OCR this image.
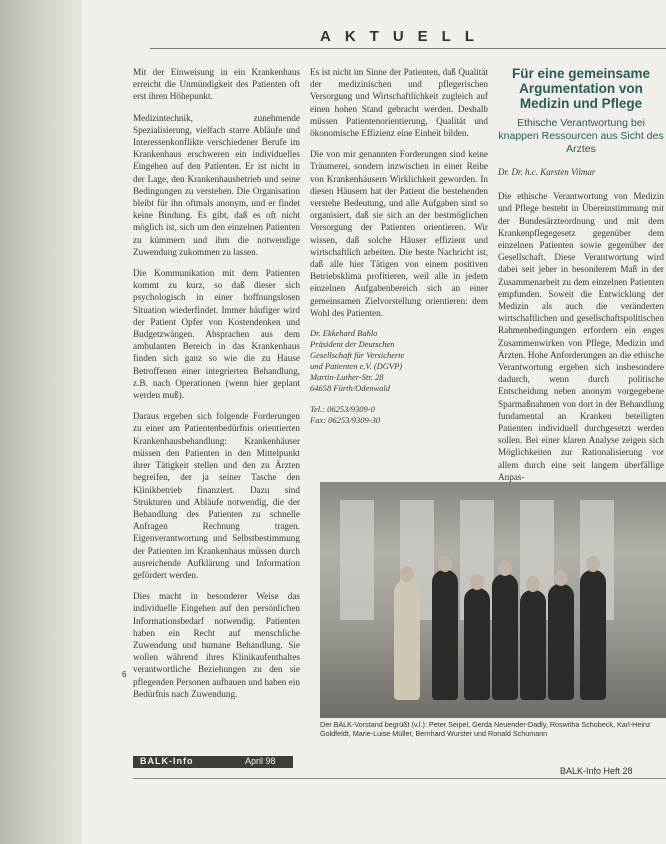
AKTUELL

Mit der Einweisung in ein Krankenhaus erreicht die Unmündigkeit des Patienten oft erst ihren Höhepunkt.

Medizintechnik, zunehmende Spezialisierung, vielfach starre Abläufe und Interessenkonflikte verschiedener Berufe im Krankenhaus erschweren ein individuelles Eingehen auf den Patienten. Er ist nicht in der Lage, den Krankenhausbetrieb und seine Bedingungen zu verstehen. Die Organisation bleibt für ihn oftmals anonym, und er findet keine Bindung. Es gibt, daß es oft nicht möglich ist, sich um den einzelnen Patienten zu kümmern und ihm die notwendige Zuwendung zukommen zu lassen.

Die Kommunikation mit dem Patienten kommt zu kurz, so daß dieser sich psychologisch in einer hoffnungslosen Situation wiederfindet. Immer häufiger wird der Patient Opfer von Kostendenken und Budgetzwängen. Absprachen aus dem ambulanten Bereich in das Krankenhaus finden sich ganz so wie die zu Hause Betroffenen einer integrierten Behandlung, z.B. nach Operationen (wenn hier geplant werden muß).

Daraus ergeben sich folgende Forderungen zu einer am Patientenbedürfnis orientierten Krankenhausbehandlung: Krankenhäuser müssen den Patienten in den Mittelpunkt ihrer Tätigkeit stellen und den zu Ärzten begreifen, der ja seiner Tasche den Klinikbetrieb finanziert. Dazu sind Strukturen und Abläufe notwendig, die der Behandlung des Patienten zu schnelle Anfragen Rechnung tragen. Eigenverantwortung und Selbstbestimmung der Patienten im Krankenhaus müssen durch ausreichende Aufklärung und Information gefördert werden.

Dies macht in besonderer Weise das individuelle Eingehen auf den persönlichen Informationsbedarf notwendig. Patienten haben ein Recht auf menschliche Zuwendung und humane Behandlung. Sie wollen während ihres Klinikaufenthaltes verantwortliche Beziehungen zu den sie pflegenden Personen aufbauen und haben ein Bedürfnis nach Zuwendung.

Es ist nicht im Sinne der Patienten, daß Qualität der medizinischen und pflegerischen Versorgung und Wirtschaftlichkeit zugleich auf einen hohen Stand gebracht werden. Deshalb müssen Patientenorientierung, Qualität und ökonomische Effizienz eine Einheit bilden.

Die von mir genannten Forderungen sind keine Träumerei, sondern inzwischen in einer Reihe von Krankenhäusern Wirklichkeit geworden. In diesen Häusern hat der Patient die bestehenden verstehe Bedeutung, und alle Aufgaben sind so organisiert, daß sie sich an der bestmöglichen Versorgung der Patienten orientieren. Wir wissen, daß solche Häuser effizient und wirtschaftlich arbeiten. Die beste Nachricht ist, daß alle hier Tätigen von einem positiven Betriebsklima profitieren, weil alle in jedem einzelnen Aufgabenbereich sich an einer gemeinsamen Zielvorstellung orientieren: dem Wohl des Patienten.

Dr. Ekkehard Bahlo
Präsident der Deutschen
Gesellschaft für Versicherte
und Patienten e.V. (DGVP)
Martin-Luther-Str. 28
64658 Fürth/Odenwald
Tel.: 06253/9309-0
Fax: 06253/9309-30
Für eine gemeinsame Argumentation von Medizin und Pflege
Ethische Verantwortung bei knappen Ressourcen aus Sicht des Arztes
Dr. Dr. h.c. Karsten Vilmar

Die ethische Verantwortung von Medizin und Pflege besteht in Übereinstimmung mit der Bundesärzteordnung und mit dem Krankenpflegegesetz gegenüber dem einzelnen Patienten sowie gegenüber der Gesellschaft. Diese Verantwortung wird dabei seit jeher in besonderem Maß in der Zusammenarbeit zu dem einzelnen Patienten empfunden. Soweit die Entwicklung der Medizin als auch die veränderten wirtschaftlichen und gesellschaftspolitischen Rahmenbedingungen erfordern ein enges Zusammenwirken von Pflege, Medizin und Ärzten. Hohe Anforderungen an die ethische Verantwortung ergeben sich insbesondere dadurch, wenn durch politische Entscheidung neben anonym vorgegebene Sparmaßnahmen von dort in der Behandlung fundamental an Kranken beteiligten Patienten individuell durchgesetzt werden sollen. Bei einer klaren Analyse zeigen sich Möglichkeiten zur Rationalisierung vor allem durch eine seit langem überfällige Anpas-

Der BALK-Vorstand begrüßt (v.l.): Peter Seipel, Gerda Neuender-Dadly, Roswitha Schobeck, Karl-Heinz Goldfeldt, Marie-Luise Müller, Bernhard Wurster und Ronald Schumann
6
BALK-Info	April 98
BALK-Info Heft 28
